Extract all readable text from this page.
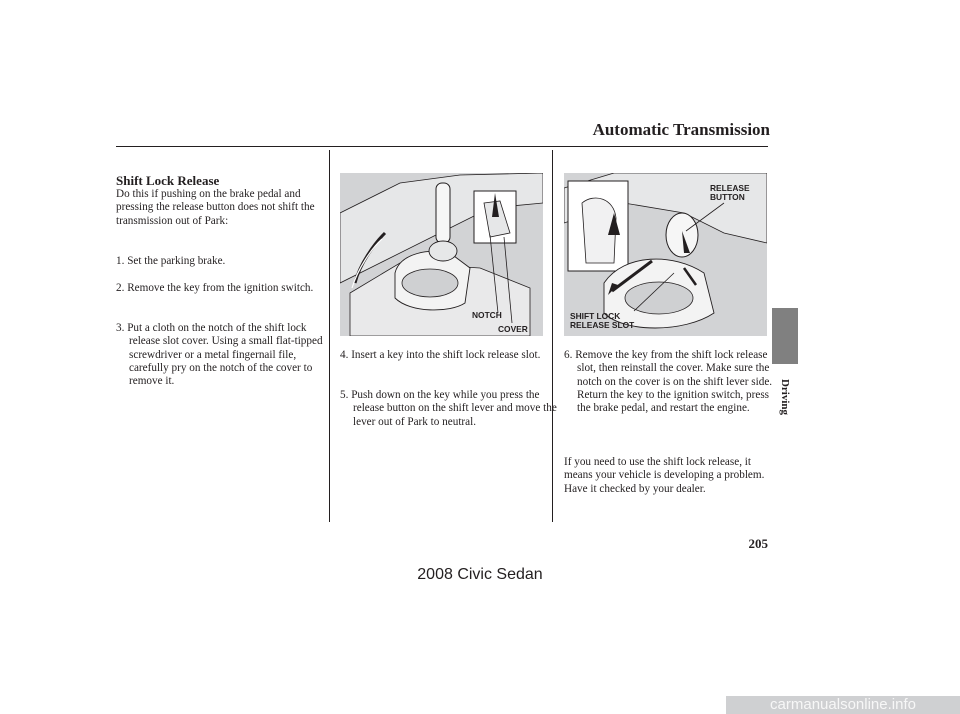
Automatic Transmission
Shift Lock Release
Do this if pushing on the brake pedal and pressing the release button does not shift the transmission out of Park:
1. Set the parking brake.
2. Remove the key from the ignition switch.
3. Put a cloth on the notch of the shift lock release slot cover. Using a small flat-tipped screwdriver or a metal fingernail file, carefully pry on the notch of the cover to remove it.
NOTCH
COVER
4. Insert a key into the shift lock release slot.
5. Push down on the key while you press the release button on the shift lever and move the lever out of Park to neutral.
RELEASE
BUTTON
SHIFT LOCK
RELEASE SLOT
6. Remove the key from the shift lock release slot, then reinstall the cover. Make sure the notch on the cover is on the shift lever side. Return the key to the ignition switch, press the brake pedal, and restart the engine.
If you need to use the shift lock release, it means your vehicle is developing a problem. Have it checked by your dealer.
Driving
205
2008 Civic Sedan
carmanualsonline.info
